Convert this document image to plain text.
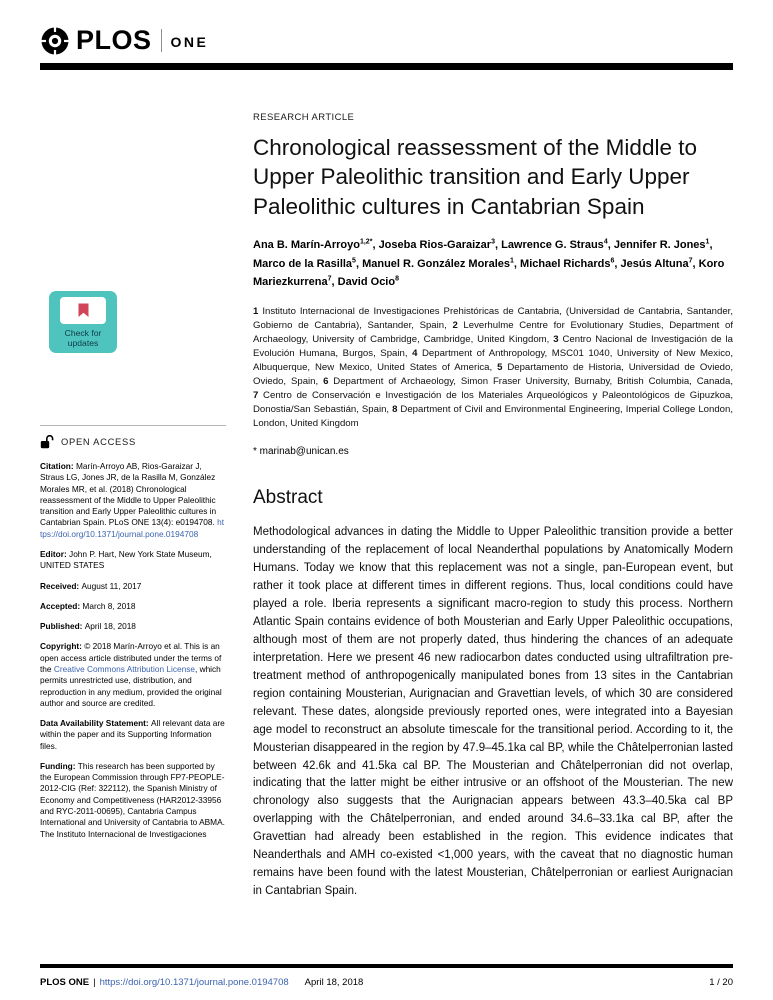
PLOS ONE
Check for updates
OPEN ACCESS

Citation: Marín-Arroyo AB, Rios-Garaizar J, Straus LG, Jones JR, de la Rasilla M, González Morales MR, et al. (2018) Chronological reassessment of the Middle to Upper Paleolithic transition and Early Upper Paleolithic cultures in Cantabrian Spain. PLoS ONE 13(4): e0194708. https://doi.org/10.1371/journal.pone.0194708

Editor: John P. Hart, New York State Museum, UNITED STATES

Received: August 11, 2017

Accepted: March 8, 2018

Published: April 18, 2018

Copyright: © 2018 Marín-Arroyo et al. This is an open access article distributed under the terms of the Creative Commons Attribution License, which permits unrestricted use, distribution, and reproduction in any medium, provided the original author and source are credited.

Data Availability Statement: All relevant data are within the paper and its Supporting Information files.

Funding: This research has been supported by the European Commission through FP7-PEOPLE-2012-CIG (Ref: 322112), the Spanish Ministry of Economy and Competitiveness (HAR2012-33956 and RYC-2011-00695), Cantabria Campus International and University of Cantabria to ABMA. The Instituto Internacional de Investigaciones

RESEARCH ARTICLE
Chronological reassessment of the Middle to Upper Paleolithic transition and Early Upper Paleolithic cultures in Cantabrian Spain

Ana B. Marín-Arroyo$^{1,2*}$, Joseba Rios-Garaizar$^3$, Lawrence G. Straus$^4$, Jennifer R. Jones$^1$, Marco de la Rasilla$^5$, Manuel R. González Morales$^1$, Michael Richards$^6$, Jesús Altuna$^7$, Koro Mariezkurrena$^7$, David Ocio$^8$

1 Instituto Internacional de Investigaciones Prehistóricas de Cantabria, (Universidad de Cantabria, Santander, Gobierno de Cantabria), Santander, Spain, 2 Leverhulme Centre for Evolutionary Studies, Department of Archaeology, University of Cambridge, Cambridge, United Kingdom, 3 Centro Nacional de Investigación de la Evolución Humana, Burgos, Spain, 4 Department of Anthropology, MSC01 1040, University of New Mexico, Albuquerque, New Mexico, United States of America, 5 Departamento de Historia, Universidad de Oviedo, Oviedo, Spain, 6 Department of Archaeology, Simon Fraser University, Burnaby, British Columbia, Canada, 7 Centro de Conservación e Investigación de los Materiales Arqueológicos y Paleontológicos de Gipuzkoa, Donostia/San Sebastián, Spain, 8 Department of Civil and Environmental Engineering, Imperial College London, London, United Kingdom

* marinab@unican.es

Abstract

Methodological advances in dating the Middle to Upper Paleolithic transition provide a better understanding of the replacement of local Neanderthal populations by Anatomically Modern Humans. Today we know that this replacement was not a single, pan-European event, but rather it took place at different times in different regions. Thus, local conditions could have played a role. Iberia represents a significant macro-region to study this process. Northern Atlantic Spain contains evidence of both Mousterian and Early Upper Paleolithic occupations, although most of them are not properly dated, thus hindering the chances of an adequate interpretation. Here we present 46 new radiocarbon dates conducted using ultrafiltration pre-treatment method of anthropogenically manipulated bones from 13 sites in the Cantabrian region containing Mousterian, Aurignacian and Gravettian levels, of which 30 are considered relevant. These dates, alongside previously reported ones, were integrated into a Bayesian age model to reconstruct an absolute timescale for the transitional period. According to it, the Mousterian disappeared in the region by 47.9–45.1ka cal BP, while the Châtelperronian lasted between 42.6k and 41.5ka cal BP. The Mousterian and Châtelperronian did not overlap, indicating that the latter might be either intrusive or an offshoot of the Mousterian. The new chronology also suggests that the Aurignacian appears between 43.3–40.5ka cal BP overlapping with the Châtelperronian, and ended around 34.6–33.1ka cal BP, after the Gravettian had already been established in the region. This evidence indicates that Neanderthals and AMH co-existed <1,000 years, with the caveat that no diagnostic human remains have been found with the latest Mousterian, Châtelperronian or earliest Aurignacian in Cantabrian Spain.

PLOS ONE | https://doi.org/10.1371/journal.pone.0194708 April 18, 2018	1 / 20
